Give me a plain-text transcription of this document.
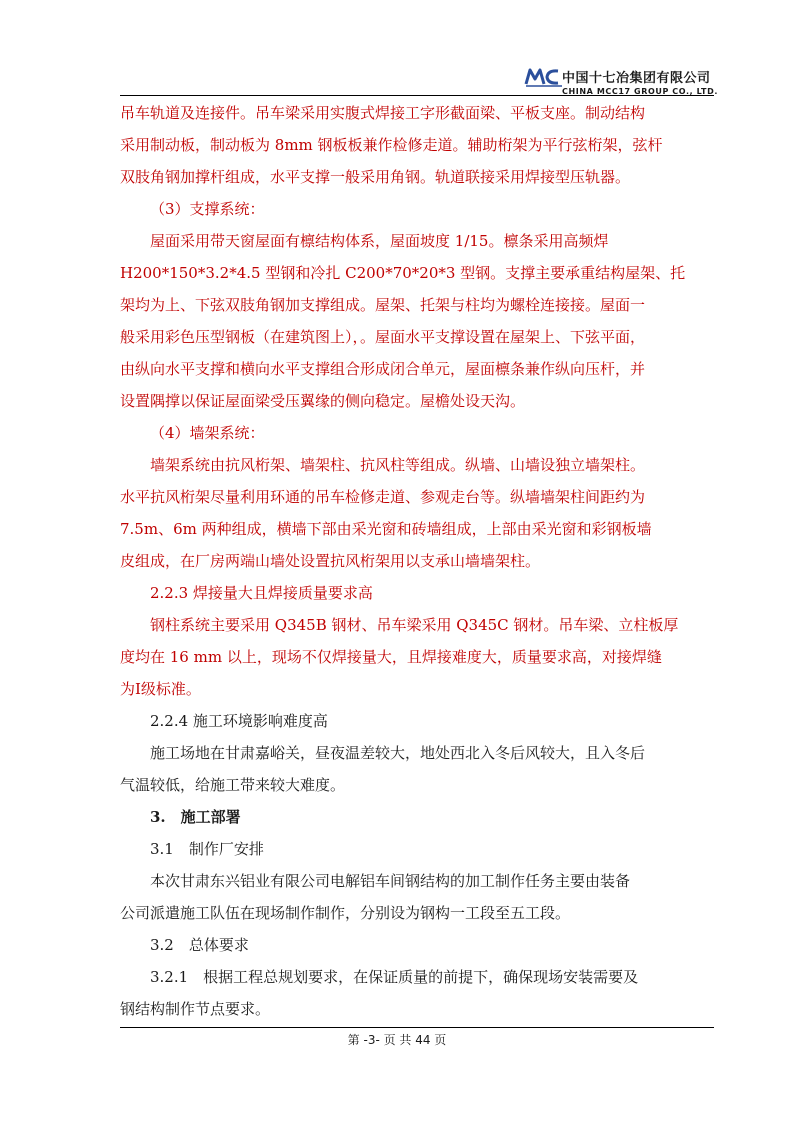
中国十七冶集团有限公司
CHINA MCC17 GROUP CO., LTD.

吊车轨道及连接件。吊车梁采用实腹式焊接工字形截面梁、平板支座。制动结构

采用制动板，制动板为 8mm 钢板板兼作检修走道。辅助桁架为平行弦桁架，弦杆

双肢角钢加撑杆组成，水平支撑一般采用角钢。轨道联接采用焊接型压轨器。

（3）支撑系统：

屋面采用带天窗屋面有檩结构体系，屋面坡度 1/15。檩条采用高频焊

H200*150*3.2*4.5 型钢和冷扎 C200*70*20*3 型钢。支撑主要承重结构屋架、托

架均为上、下弦双肢角钢加支撑组成。屋架、托架与柱均为螺栓连接接。屋面一

般采用彩色压型钢板（在建筑图上），。屋面水平支撑设置在屋架上、下弦平面，

由纵向水平支撑和横向水平支撑组合形成闭合单元，屋面檩条兼作纵向压杆，并

设置隅撑以保证屋面梁受压翼缘的侧向稳定。屋檐处设天沟。

（4）墙架系统：

墙架系统由抗风桁架、墙架柱、抗风柱等组成。纵墙、山墙设独立墙架柱。

水平抗风桁架尽量利用环通的吊车检修走道、参观走台等。纵墙墙架柱间距约为

7.5m、6m 两种组成，横墙下部由采光窗和砖墙组成，上部由采光窗和彩钢板墙

皮组成，在厂房两端山墙处设置抗风桁架用以支承山墙墙架柱。

2.2.3 焊接量大且焊接质量要求高

钢柱系统主要采用 Q345B 钢材、吊车梁采用 Q345C 钢材。吊车梁、立柱板厚

度均在 16 mm 以上，现场不仅焊接量大，且焊接难度大，质量要求高，对接焊缝

为Ⅰ级标准。

2.2.4 施工环境影响难度高

施工场地在甘肃嘉峪关，昼夜温差较大，地处西北入冬后风较大，且入冬后

气温较低，给施工带来较大难度。

3.　施工部署

3.1　制作厂安排

本次甘肃东兴铝业有限公司电解铝车间钢结构的加工制作任务主要由装备

公司派遣施工队伍在现场制作制作，分别设为钢构一工段至五工段。

3.2　总体要求

3.2.1　根据工程总规划要求，在保证质量的前提下，确保现场安装需要及

钢结构制作节点要求。

第 -3- 页 共 44 页
